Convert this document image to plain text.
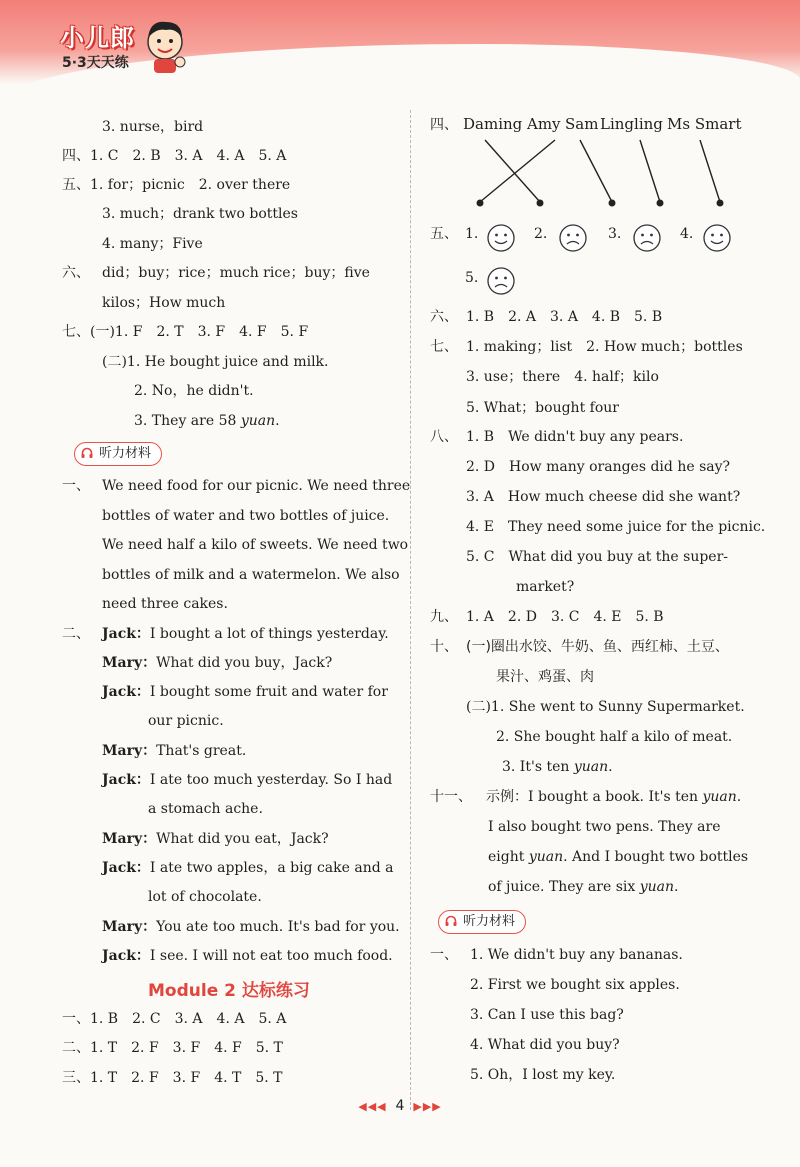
小儿郎
5·3天天练
3. nurse，bird
四、 1. C　2. B　3. A　4. A　5. A
五、 1. for；picnic　2. over there
3. much；drank two bottles
4. many；Five
六、 did；buy；rice；much rice；buy；five
kilos；How much
七、 (一)1. F　2. T　3. F　4. F　5. F
(二)1. He bought juice and milk.
2. No，he didn't.
3. They are 58 yuan.
听力材料
一、 We need food for our picnic. We need three
bottles of water and two bottles of juice.
We need half a kilo of sweets. We need two
bottles of milk and a watermelon. We also
need three cakes.
二、 Jack：I bought a lot of things yesterday.
Mary：What did you buy，Jack?
Jack：I bought some fruit and water for
our picnic.
Mary：That's great.
Jack：I ate too much yesterday. So I had
a stomach ache.
Mary：What did you eat，Jack?
Jack：I ate two apples，a big cake and a
lot of chocolate.
Mary：You ate too much. It's bad for you.
Jack：I see. I will not eat too much food.
Module 2 达标练习
一、 1. B　2. C　3. A　4. A　5. A
二、 1. T　2. F　3. F　4. F　5. T
三、 1. T　2. F　3. F　4. T　5. T
四、 Daming Amy Sam Lingling Ms Smart
五、 1.	2.	3.	4.
5.
六、 1. B　2. A　3. A　4. B　5. B
七、 1. making；list　2. How much；bottles
3. use；there　4. half；kilo
5. What；bought four
八、 1. B　We didn't buy any pears.
2. D　How many oranges did he say?
3. A　How much cheese did she want?
4. E　They need some juice for the picnic.
5. C　What did you buy at the super-
market?
九、 1. A　2. D　3. C　4. E　5. B
十、 (一)圈出水饺、牛奶、鱼、西红柿、土豆、
果汁、鸡蛋、肉
(二)1. She went to Sunny Supermarket.
2. She bought half a kilo of meat.
3. It's ten yuan.
十一、 示例：I bought a book. It's ten yuan.
I also bought two pens. They are
eight yuan. And I bought two bottles
of juice. They are six yuan.
听力材料
一、 1. We didn't buy any bananas.
2. First we bought six apples.
3. Can I use this bag?
4. What did you buy?
5. Oh，I lost my key.
◀◀◀ 4 ▶▶▶
